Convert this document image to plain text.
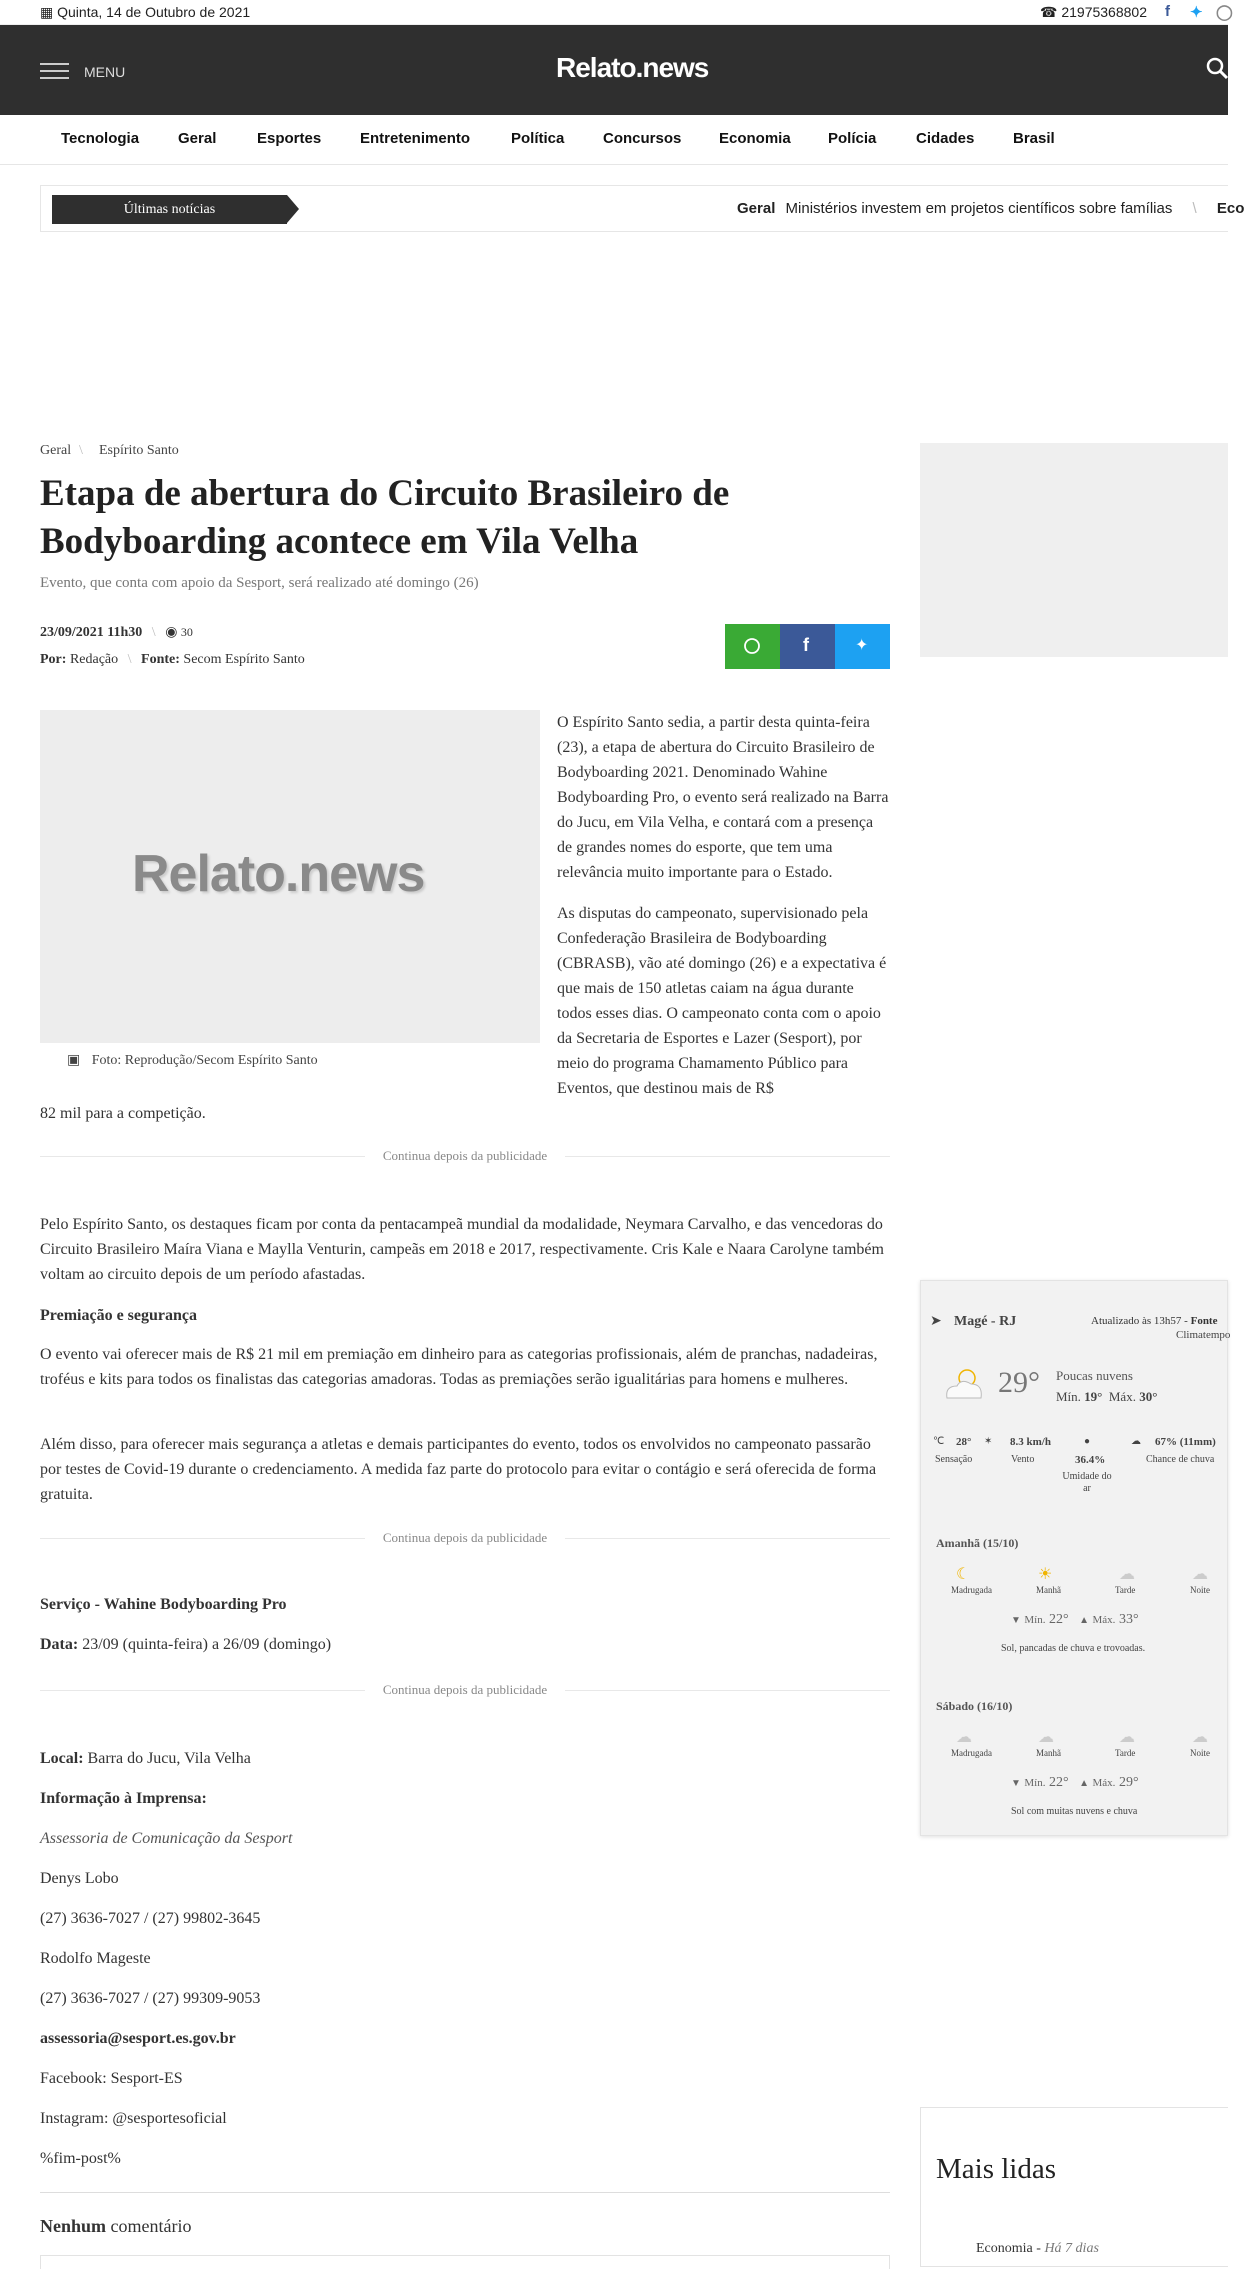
▦ Quinta, 14 de Outubro de 2021	☎ 21975368802 f ✦ ◯
MENU	Relato.news
Tecnologia	Geral	Esportes	Entretenimento	Política	Concursos	Economia Polícia	Cidades	Brasil
Últimas notícias	Geral Ministérios investem em projetos científicos sobre famílias \ Eco
Geral \ Espírito Santo
Etapa de abertura do Circuito Brasileiro de Bodyboarding acontece em Vila Velha

Evento, que conta com apoio da Sesport, será realizado até domingo (26)

23/09/2021 11h30 \ ◉ 30
Por: Redação \ Fonte: Secom Espírito Santo
f	✦
Relato.news
▣ Foto: Reprodução/Secom Espírito Santo

O Espírito Santo sedia, a partir desta quinta-feira (23), a etapa de abertura do Circuito Brasileiro de Bodyboarding 2021. Denominado Wahine Bodyboarding Pro, o evento será realizado na Barra do Jucu, em Vila Velha, e contará com a presença de grandes nomes do esporte, que tem uma relevância muito importante para o Estado.

As disputas do campeonato, supervisionado pela Confederação Brasileira de Bodyboarding (CBRASB), vão até domingo (26) e a expectativa é que mais de 150 atletas caiam na água durante todos esses dias. O campeonato conta com o apoio da Secretaria de Esportes e Lazer (Sesport), por meio do programa Chamamento Público para Eventos, que destinou mais de R$

82 mil para a competição.

Continua depois da publicidade

Pelo Espírito Santo, os destaques ficam por conta da pentacampeã mundial da modalidade, Neymara Carvalho, e das vencedoras do Circuito Brasileiro Maíra Viana e Maylla Venturin, campeãs em 2018 e 2017, respectivamente. Cris Kale e Naara Carolyne também voltam ao circuito depois de um período afastadas.

Premiação e segurança

O evento vai oferecer mais de R$ 21 mil em premiação em dinheiro para as categorias profissionais, além de pranchas, nadadeiras, troféus e kits para todos os finalistas das categorias amadoras. Todas as premiações serão igualitárias para homens e mulheres.

Além disso, para oferecer mais segurança a atletas e demais participantes do evento, todos os envolvidos no campeonato passarão por testes de Covid-19 durante o credenciamento. A medida faz parte do protocolo para evitar o contágio e será oferecida de forma gratuita.

Continua depois da publicidade

Serviço - Wahine Bodyboarding Pro

Data: 23/09 (quinta-feira) a 26/09 (domingo)

Continua depois da publicidade

Local: Barra do Jucu, Vila Velha

Informação à Imprensa:

Assessoria de Comunicação da Sesport

Denys Lobo

(27) 3636-7027 / (27) 99802-3645

Rodolfo Mageste

(27) 3636-7027 / (27) 99309-9053

assessoria@sesport.es.gov.br

Facebook: Sesport-ES

Instagram: @sesportesoficial

%fim-post%

Nenhum comentário

➤ Magé - RJ	Atualizado às 13h57 - Fonte
Climatempo
29° Poucas nuvens
Mín. 19° Máx. 30°
℃ 28°
Sensação
✶ 8.3 km/h
Vento
●
36.4%
Umidade do ar
☁ 67% (11mm)
Chance de chuva
Amanhã (15/10)
☾	☀	☁	☁
Madrugada	Manhã	Tarde	Noite
▼ Mín. 22° ▲ Máx. 33°
Sol, pancadas de chuva e trovoadas.
Sábado (16/10)
☁	☁	☁	☁
Madrugada	Manhã	Tarde	Noite
▼ Mín. 22° ▲ Máx. 29°
Sol com muitas nuvens e chuva
Mais lidas
Economia - Há 7 dias
